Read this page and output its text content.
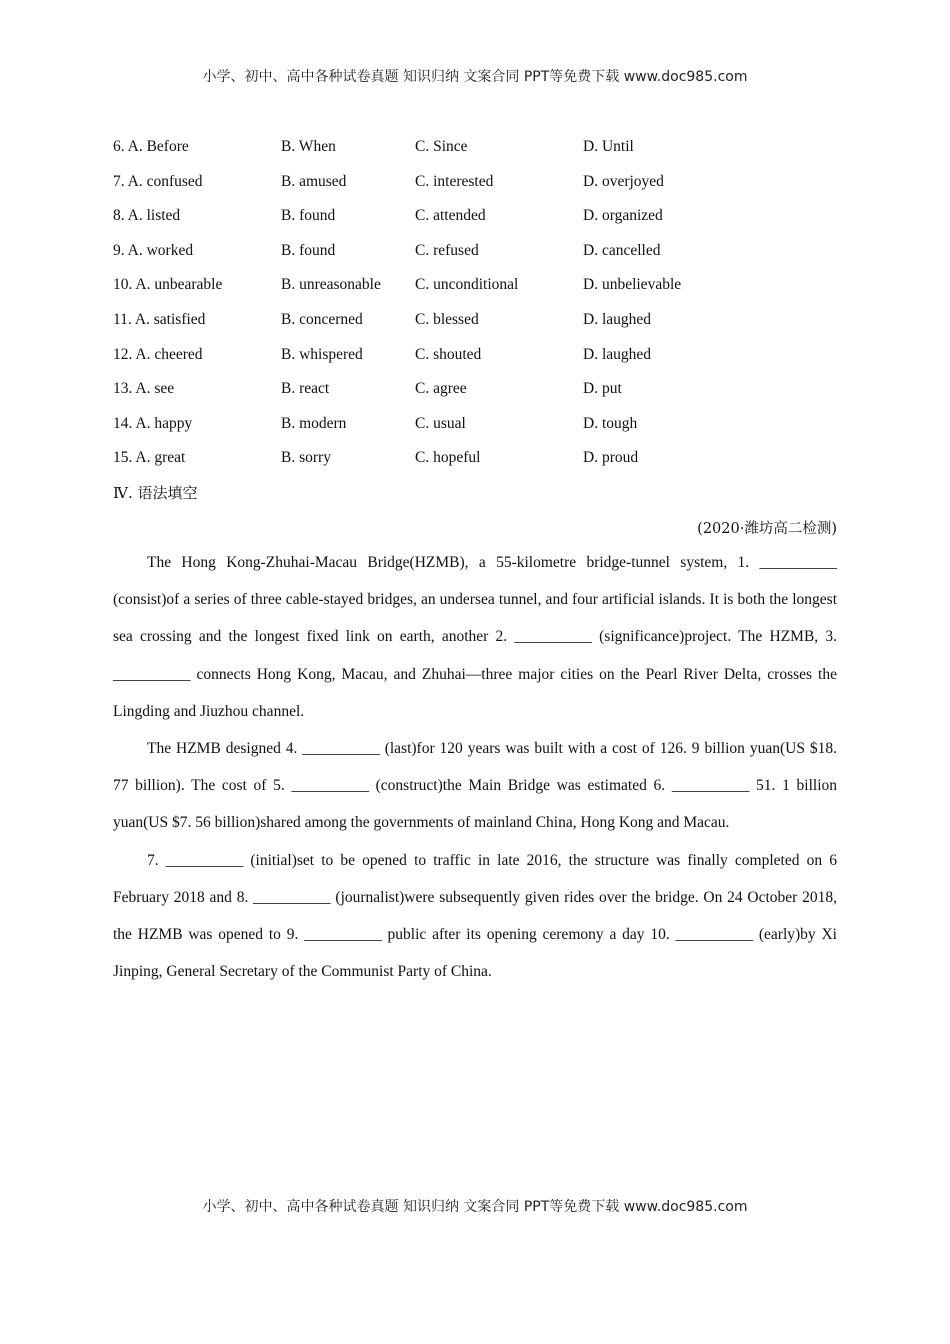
小学、初中、高中各种试卷真题 知识归纳 文案合同 PPT等免费下载 www.doc985.com
6. A. Before	B. When	C. Since	D. Until
7. A. confused	B. amused	C. interested	D. overjoyed
8. A. listed	B. found	C. attended	D. organized
9. A. worked	B. found	C. refused	D. cancelled
10. A. unbearable	B. unreasonable C. unconditional	D. unbelievable
11. A. satisfied	B. concerned	C. blessed	D. laughed
12. A. cheered	B. whispered	C. shouted	D. laughed
13. A. see	B. react	C. agree	D. put
14. A. happy	B. modern	C. usual	D. tough
15. A. great	B. sorry	C. hopeful	D. proud
Ⅳ. 语法填空
(2020·潍坊高二检测)

The Hong Kong-Zhuhai-Macau Bridge(HZMB), a 55-kilometre bridge-tunnel system, 1. __________ (consist)of a series of three cable-stayed bridges, an undersea tunnel, and four artificial islands. It is both the longest sea crossing and the longest fixed link on earth, another 2. __________ (significance)project. The HZMB, 3. __________ connects Hong Kong, Macau, and Zhuhai—three major cities on the Pearl River Delta, crosses the Lingding and Jiuzhou channel.

The HZMB designed 4. __________ (last)for 120 years was built with a cost of 126. 9 billion yuan(US $18. 77 billion). The cost of 5. __________ (construct)the Main Bridge was estimated 6. __________ 51. 1 billion yuan(US $7. 56 billion)shared among the governments of mainland China, Hong Kong and Macau.

7. __________ (initial)set to be opened to traffic in late 2016, the structure was finally completed on 6 February 2018 and 8. __________ (journalist)were subsequently given rides over the bridge. On 24 October 2018, the HZMB was opened to 9. __________ public after its opening ceremony a day 10. __________ (early)by Xi Jinping, General Secretary of the Communist Party of China.

小学、初中、高中各种试卷真题 知识归纳 文案合同 PPT等免费下载 www.doc985.com
